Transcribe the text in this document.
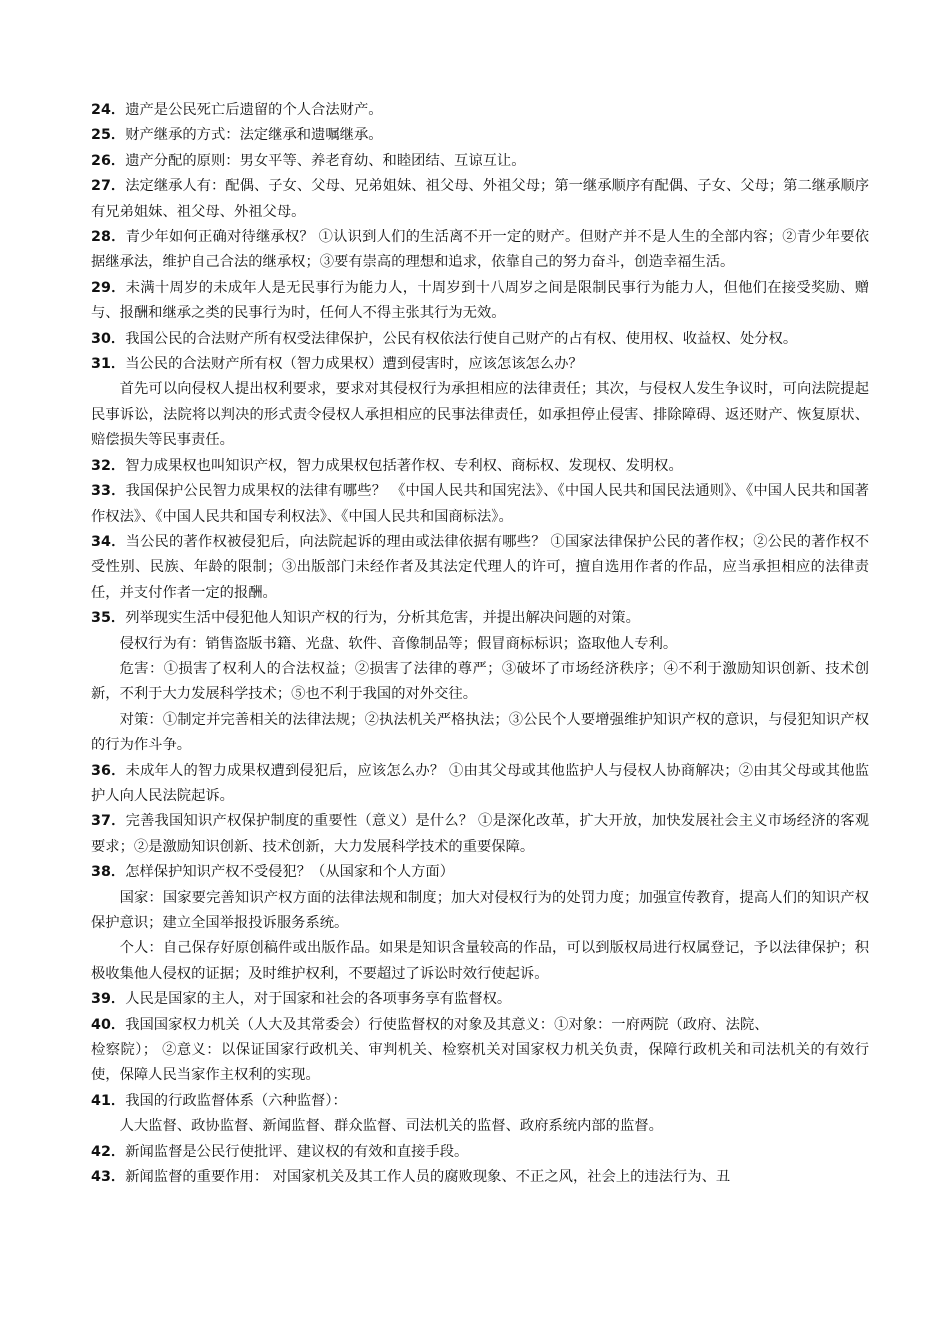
24．遗产是公民死亡后遗留的个人合法财产。

25．财产继承的方式：法定继承和遗嘱继承。

26．遗产分配的原则：男女平等、养老育幼、和睦团结、互谅互让。

27．法定继承人有：配偶、子女、父母、兄弟姐妹、祖父母、外祖父母；第一继承顺序有配偶、子女、父母；第二继承顺序有兄弟姐妹、祖父母、外祖父母。

28．青少年如何正确对待继承权？ ①认识到人们的生活离不开一定的财产。但财产并不是人生的全部内容；②青少年要依据继承法，维护自己合法的继承权；③要有崇高的理想和追求，依靠自己的努力奋斗，创造幸福生活。

29．未满十周岁的未成年人是无民事行为能力人，十周岁到十八周岁之间是限制民事行为能力人，但他们在接受奖励、赠与、报酬和继承之类的民事行为时，任何人不得主张其行为无效。

30．我国公民的合法财产所有权受法律保护，公民有权依法行使自己财产的占有权、使用权、收益权、处分权。

31．当公民的合法财产所有权（智力成果权）遭到侵害时，应该怎该怎么办？

首先可以向侵权人提出权利要求，要求对其侵权行为承担相应的法律责任；其次，与侵权人发生争议时，可向法院提起民事诉讼，法院将以判决的形式责令侵权人承担相应的民事法律责任，如承担停止侵害、排除障碍、返还财产、恢复原状、赔偿损失等民事责任。

32．智力成果权也叫知识产权，智力成果权包括著作权、专利权、商标权、发现权、发明权。

33．我国保护公民智力成果权的法律有哪些？ 《中国人民共和国宪法》、《中国人民共和国民法通则》、《中国人民共和国著作权法》、《中国人民共和国专利权法》、《中国人民共和国商标法》。

34．当公民的著作权被侵犯后，向法院起诉的理由或法律依据有哪些？ ①国家法律保护公民的著作权；②公民的著作权不受性别、民族、年龄的限制；③出版部门未经作者及其法定代理人的许可，擅自选用作者的作品，应当承担相应的法律责任，并支付作者一定的报酬。

35．列举现实生活中侵犯他人知识产权的行为，分析其危害，并提出解决问题的对策。

侵权行为有：销售盗版书籍、光盘、软件、音像制品等；假冒商标标识；盗取他人专利。

危害：①损害了权利人的合法权益；②损害了法律的尊严；③破坏了市场经济秩序；④不利于激励知识创新、技术创新，不利于大力发展科学技术；⑤也不利于我国的对外交往。

对策：①制定并完善相关的法律法规；②执法机关严格执法；③公民个人要增强维护知识产权的意识，与侵犯知识产权的行为作斗争。

36．未成年人的智力成果权遭到侵犯后，应该怎么办？ ①由其父母或其他监护人与侵权人协商解决；②由其父母或其他监护人向人民法院起诉。

37．完善我国知识产权保护制度的重要性（意义）是什么？ ①是深化改革，扩大开放，加快发展社会主义市场经济的客观要求；②是激励知识创新、技术创新，大力发展科学技术的重要保障。

38．怎样保护知识产权不受侵犯？（从国家和个人方面）

国家：国家要完善知识产权方面的法律法规和制度；加大对侵权行为的处罚力度；加强宣传教育，提高人们的知识产权保护意识；建立全国举报投诉服务系统。

个人：自己保存好原创稿件或出版作品。如果是知识含量较高的作品，可以到版权局进行权属登记，予以法律保护；积极收集他人侵权的证据；及时维护权利，不要超过了诉讼时效行使起诉。

39．人民是国家的主人，对于国家和社会的各项事务享有监督权。

40．我国国家权力机关（人大及其常委会）行使监督权的对象及其意义：①对象：一府两院（政府、法院、

检察院）； ②意义：以保证国家行政机关、审判机关、检察机关对国家权力机关负责，保障行政机关和司法机关的有效行使，保障人民当家作主权利的实现。

41．我国的行政监督体系（六种监督）：

人大监督、政协监督、新闻监督、群众监督、司法机关的监督、政府系统内部的监督。

42．新闻监督是公民行使批评、建议权的有效和直接手段。

43．新闻监督的重要作用： 对国家机关及其工作人员的腐败现象、不正之风，社会上的违法行为、丑
